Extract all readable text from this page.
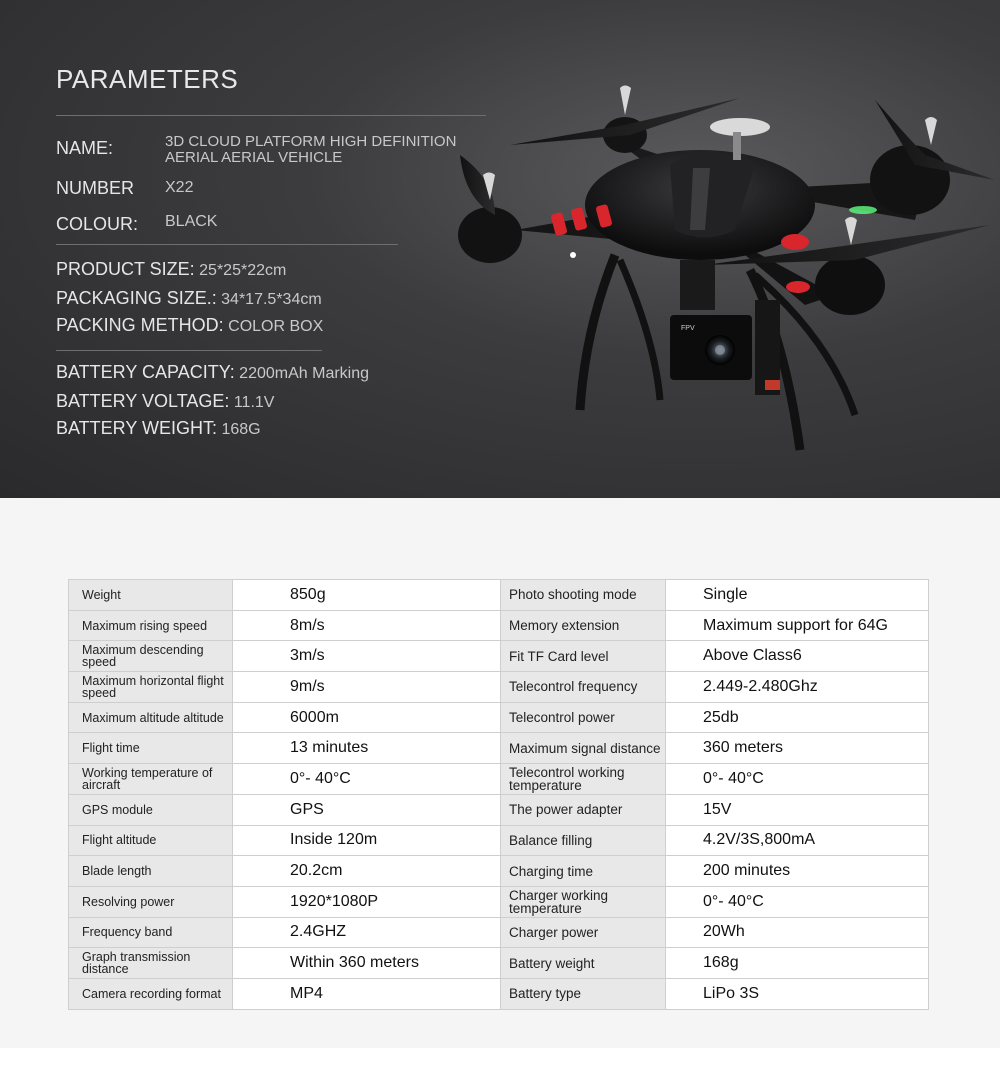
PARAMETERS
NAME:	3D CLOUD PLATFORM HIGH DEFINITION AERIAL AERIAL VEHICLE
NUMBER X22
COLOUR: BLACK
PRODUCT SIZE: 25*25*22cm
PACKAGING SIZE.: 34*17.5*34cm
PACKING METHOD: COLOR BOX
BATTERY CAPACITY: 2200mAh Marking
BATTERY VOLTAGE: 11.1V
BATTERY WEIGHT: 168G
FPV
Weight	850g	Photo shooting mode	Single
Maximum rising speed	8m/s	Memory extension	Maximum support for 64G
Maximum descending speed	3m/s	Fit TF Card level	Above Class6
Maximum horizontal flight speed	9m/s	Telecontrol frequency	2.449-2.480Ghz
Maximum altitude altitude	6000m	Telecontrol power	25db
Flight time	13 minutes	Maximum signal distance	360 meters
Working temperature of aircraft	0°- 40°C	Telecontrol working temperature	0°- 40°C
GPS module	GPS	The power adapter	15V
Flight altitude	Inside 120m	Balance filling	4.2V/3S,800mA
Blade length	20.2cm	Charging time	200 minutes
Resolving power	1920*1080P	Charger working temperature	0°- 40°C
Frequency band	2.4GHZ	Charger power	20Wh
Graph transmission distance	Within 360 meters	Battery weight	168g
Camera recording format	MP4	Battery type	LiPo 3S
